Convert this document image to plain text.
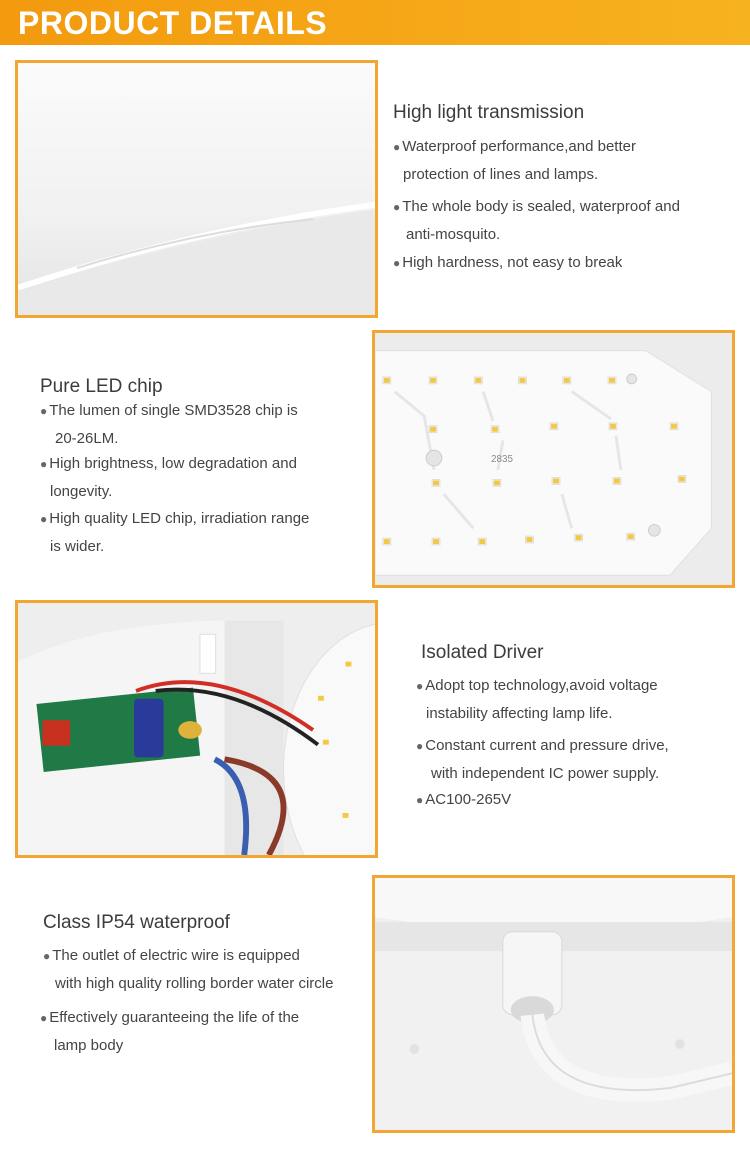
PRODUCT DETAILS
High light transmission

● Waterproof performance,and better
protection of lines and lamps.

● The whole body is sealed, waterproof and
anti-mosquito.

● High hardness, not easy to break

Pure LED chip

● The lumen of single SMD3528 chip is
20-26LM.

● High brightness, low degradation and
longevity.

● High quality LED chip, irradiation range
is wider.

2835
Isolated Driver

● Adopt top technology,avoid voltage
instability affecting lamp life.

● Constant current and pressure drive,
with independent IC power supply.

● AC100-265V

Class IP54 waterproof

● The outlet of electric wire is equipped
with high quality rolling border water circle

● Effectively guaranteeing the life of the
lamp body
